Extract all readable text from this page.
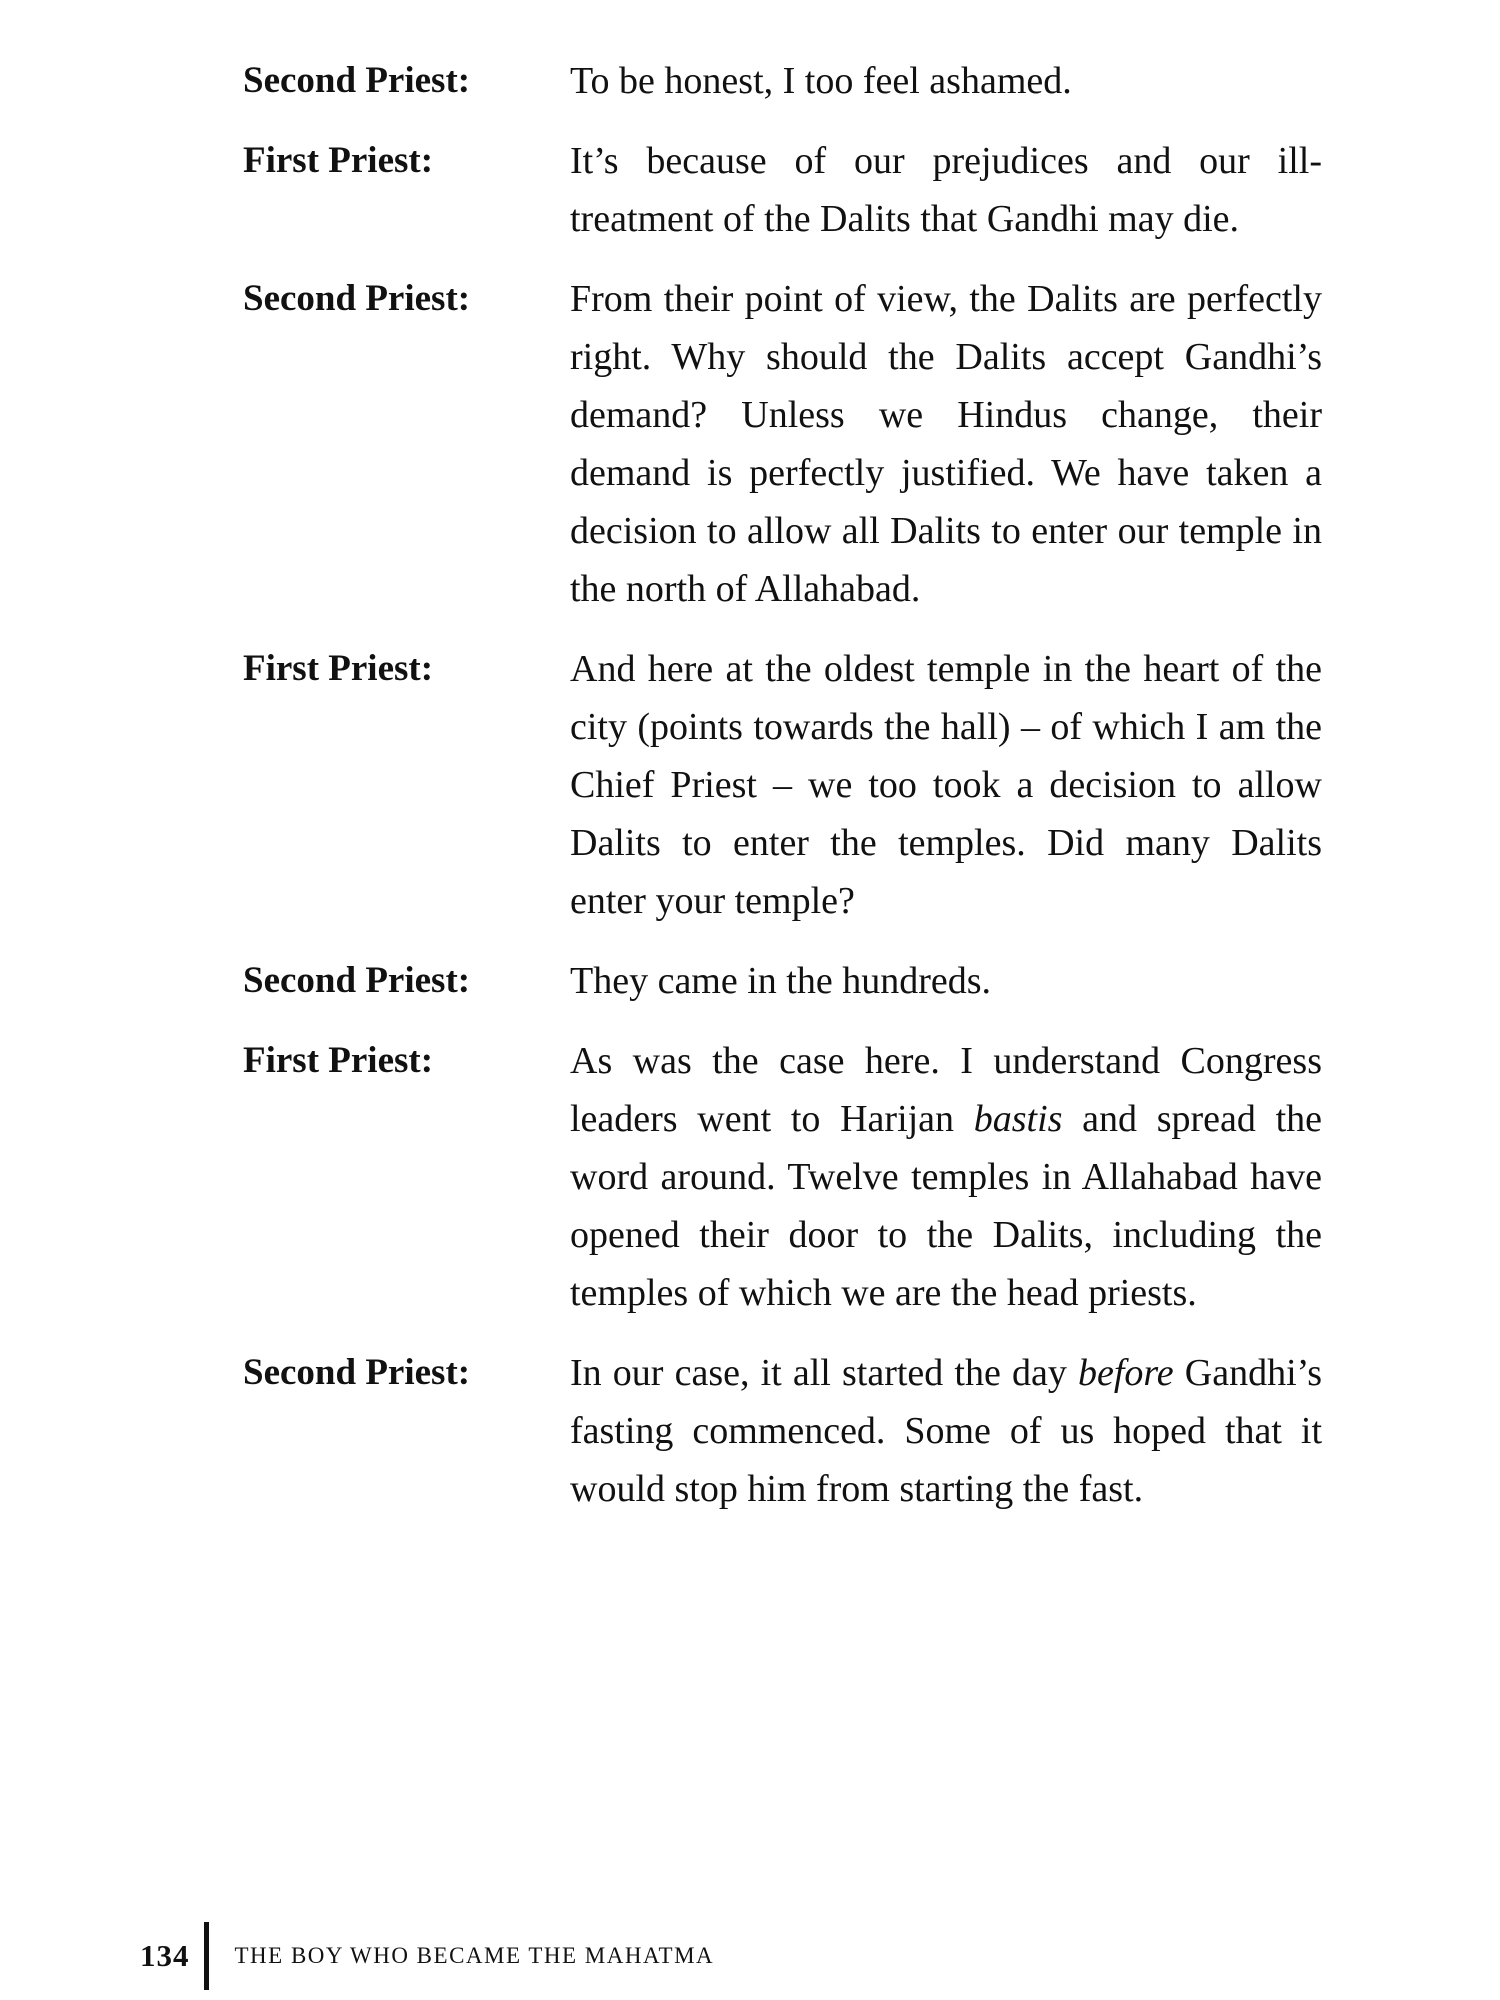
Second Priest:	To be honest, I too feel ashamed.
First Priest:	It’s because of our prejudices and our ill-treatment of the Dalits that Gandhi may die.
Second Priest:	From their point of view, the Dalits are perfectly right. Why should the Dalits accept Gandhi’s demand? Unless we Hindus change, their demand is perfectly justified. We have taken a decision to allow all Dalits to enter our temple in the north of Allahabad.
First Priest:	And here at the oldest temple in the heart of the city (points towards the hall) – of which I am the Chief Priest – we too took a decision to allow Dalits to enter the temples. Did many Dalits enter your temple?
Second Priest:	They came in the hundreds.
First Priest:	As was the case here. I understand Congress leaders went to Harijan bastis and spread the word around. Twelve temples in Allahabad have opened their door to the Dalits, including the temples of which we are the head priests.
Second Priest:	In our case, it all started the day before Gandhi’s fasting commenced. Some of us hoped that it would stop him from starting the fast.
134 THE BOY WHO BECAME THE MAHATMA
